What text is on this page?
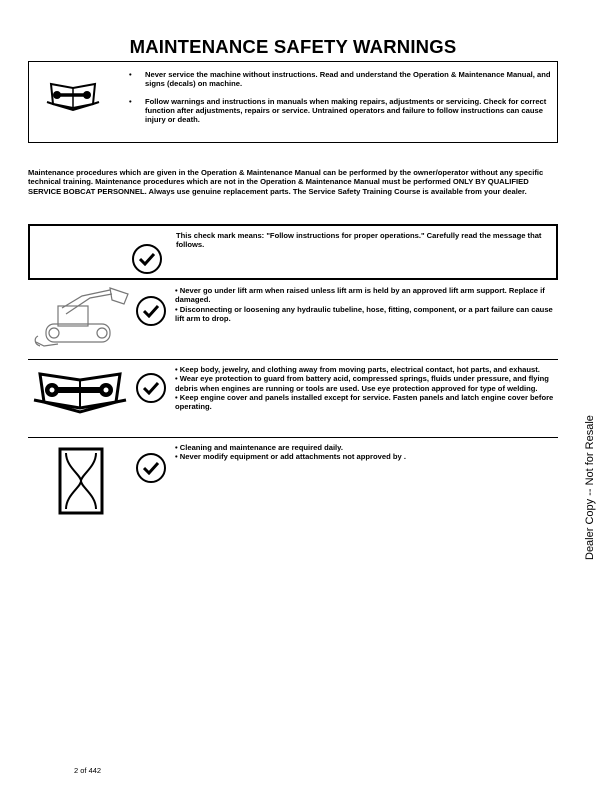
MAINTENANCE SAFETY WARNINGS
• Never service the machine without instructions. Read and understand the Operation & Maintenance Manual, and signs (decals) on machine.
• Follow warnings and instructions in manuals when making repairs, adjustments or servicing. Check for correct function after adjustments, repairs or service. Untrained operators and failure to follow instructions can cause injury or death.
Maintenance procedures which are given in the Operation & Maintenance Manual can be performed by the owner/operator without any specific technical training. Maintenance procedures which are not in the Operation & Maintenance Manual must be performed ONLY BY QUALIFIED SERVICE BOBCAT PERSONNEL. Always use genuine replacement parts. The Service Safety Training Course is available from your dealer.
This check mark means: "Follow instructions for proper operations." Carefully read the message that follows.

• Never go under lift arm when raised unless lift arm is held by an approved lift arm support. Replace if damaged.

• Disconnecting or loosening any hydraulic tubeline, hose, fitting, component, or a part failure can cause lift arm to drop.

• Keep body, jewelry, and clothing away from moving parts, electrical contact, hot parts, and exhaust.

• Wear eye protection to guard from battery acid, compressed springs, fluids under pressure, and flying debris when engines are running or tools are used. Use eye protection approved for type of welding.

• Keep engine cover and panels installed except for service. Fasten panels and latch engine cover before operating.

• Cleaning and maintenance are required daily.

• Never modify equipment or add attachments not approved by .	Dealer Copy -- Not for Resale
2 of 442
